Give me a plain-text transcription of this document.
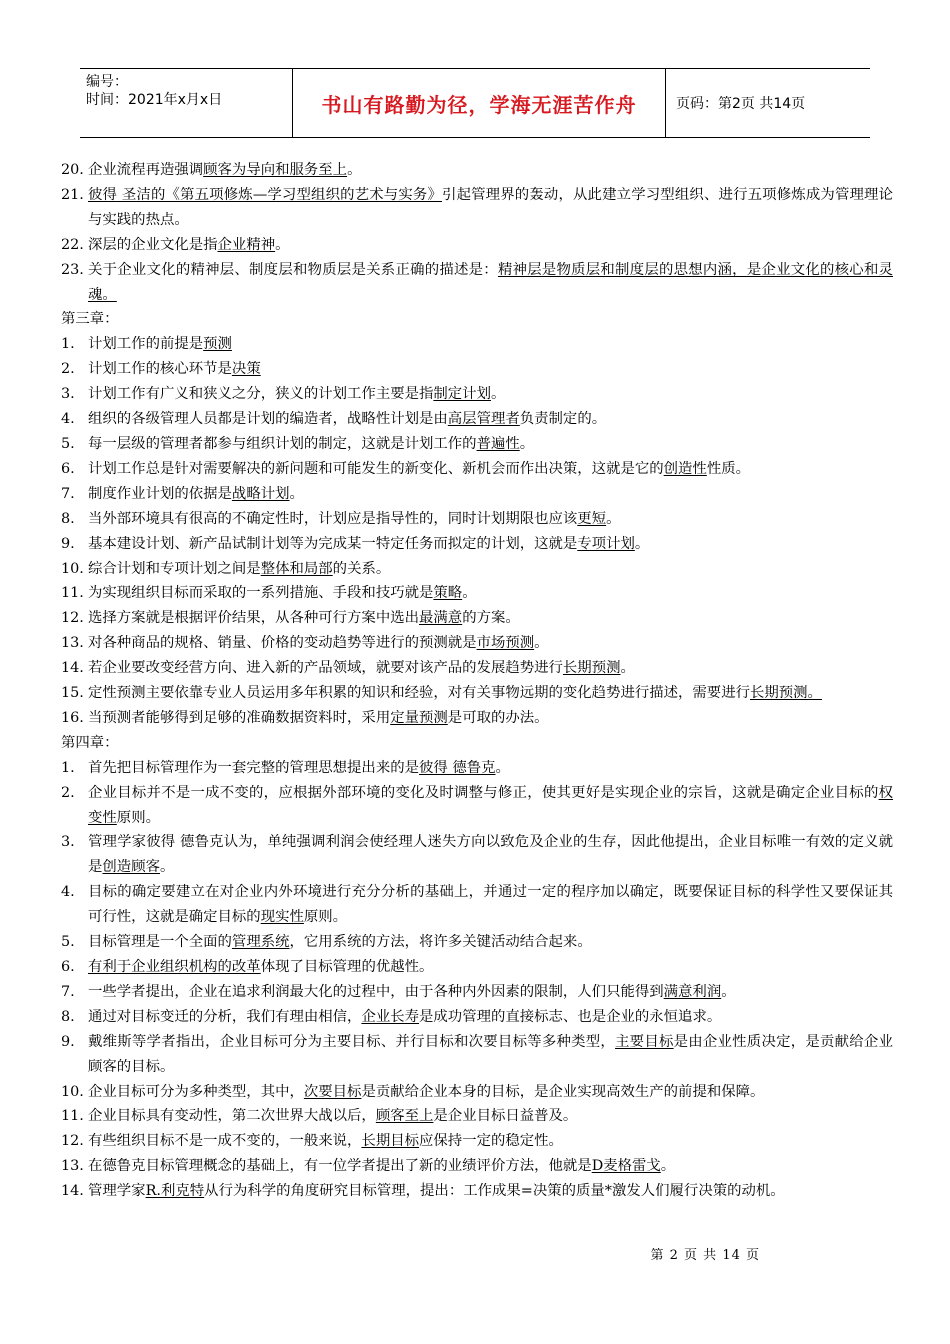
编号：
时间：2021年x月x日	书山有路勤为径，学海无涯苦作舟	页码：第2页 共14页
20. 企业流程再造强调顾客为导向和服务至上。
21. 彼得 圣洁的《第五项修炼—学习型组织的艺术与实务》引起管理界的轰动，从此建立学习型组织、进行五项修炼成为管理理论与实践的热点。
22. 深层的企业文化是指企业精神。
23. 关于企业文化的精神层、制度层和物质层是关系正确的描述是：精神层是物质层和制度层的思想内涵，是企业文化的核心和灵魂。
第三章：
1. 计划工作的前提是预测
2. 计划工作的核心环节是决策
3. 计划工作有广义和狭义之分，狭义的计划工作主要是指制定计划。
4. 组织的各级管理人员都是计划的编造者，战略性计划是由高层管理者负责制定的。
5. 每一层级的管理者都参与组织计划的制定，这就是计划工作的普遍性。
6. 计划工作总是针对需要解决的新问题和可能发生的新变化、新机会而作出决策，这就是它的创造性性质。
7. 制度作业计划的依据是战略计划。
8. 当外部环境具有很高的不确定性时，计划应是指导性的，同时计划期限也应该更短。
9. 基本建设计划、新产品试制计划等为完成某一特定任务而拟定的计划，这就是专项计划。
10. 综合计划和专项计划之间是整体和局部的关系。
11. 为实现组织目标而采取的一系列措施、手段和技巧就是策略。
12. 选择方案就是根据评价结果，从各种可行方案中选出最满意的方案。
13. 对各种商品的规格、销量、价格的变动趋势等进行的预测就是市场预测。
14. 若企业要改变经营方向、进入新的产品领域，就要对该产品的发展趋势进行长期预测。
15. 定性预测主要依靠专业人员运用多年积累的知识和经验，对有关事物远期的变化趋势进行描述，需要进行长期预测。
16. 当预测者能够得到足够的准确数据资料时，采用定量预测是可取的办法。
第四章：
1. 首先把目标管理作为一套完整的管理思想提出来的是彼得 德鲁克。
2. 企业目标并不是一成不变的，应根据外部环境的变化及时调整与修正，使其更好是实现企业的宗旨，这就是确定企业目标的权变性原则。
3. 管理学家彼得 德鲁克认为，单纯强调利润会使经理人迷失方向以致危及企业的生存，因此他提出，企业目标唯一有效的定义就是创造顾客。
4. 目标的确定要建立在对企业内外环境进行充分分析的基础上，并通过一定的程序加以确定，既要保证目标的科学性又要保证其可行性，这就是确定目标的现实性原则。
5. 目标管理是一个全面的管理系统，它用系统的方法，将许多关键活动结合起来。
6. 有利于企业组织机构的改革体现了目标管理的优越性。
7. 一些学者提出，企业在追求利润最大化的过程中，由于各种内外因素的限制，人们只能得到满意利润。
8. 通过对目标变迁的分析，我们有理由相信，企业长寿是成功管理的直接标志、也是企业的永恒追求。
9. 戴维斯等学者指出，企业目标可分为主要目标、并行目标和次要目标等多种类型，主要目标是由企业性质决定，是贡献给企业顾客的目标。
10. 企业目标可分为多种类型，其中，次要目标是贡献给企业本身的目标，是企业实现高效生产的前提和保障。
11. 企业目标具有变动性，第二次世界大战以后，顾客至上是企业目标日益普及。
12. 有些组织目标不是一成不变的，一般来说，长期目标应保持一定的稳定性。
13. 在德鲁克目标管理概念的基础上，有一位学者提出了新的业绩评价方法，他就是D麦格雷戈。
14. 管理学家R.利克特从行为科学的角度研究目标管理，提出：工作成果=决策的质量*激发人们履行决策的动机。
第 2 页 共 14 页
